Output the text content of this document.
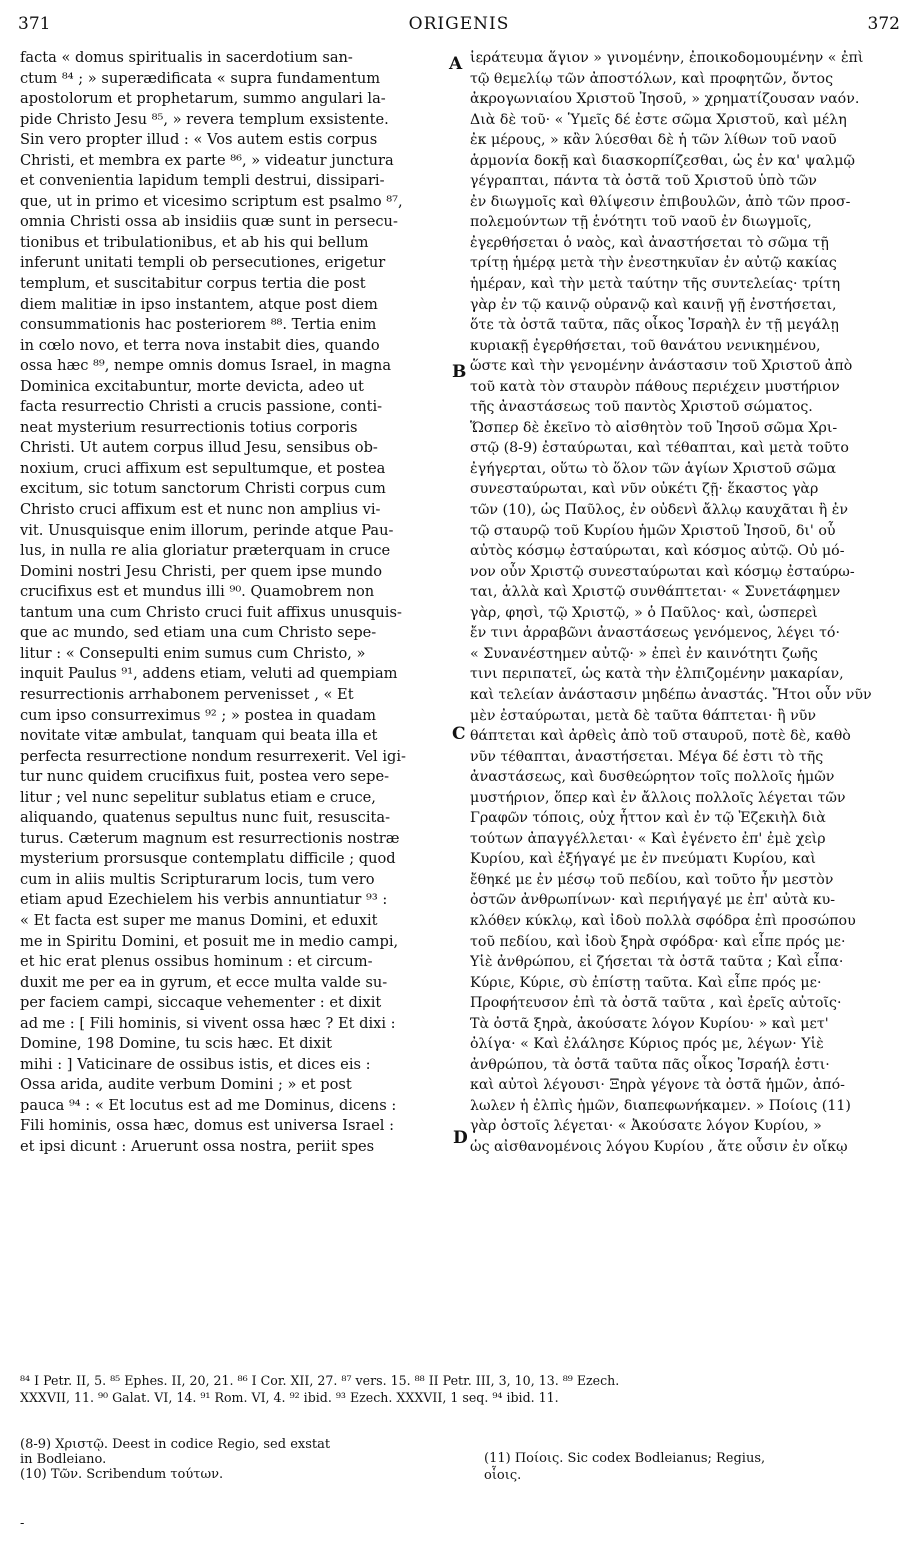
371	ORIGENIS	372
facta « domus spiritualis in sacerdotium san-
ctum ⁸⁴ ; » superædificata « supra fundamentum
apostolorum et prophetarum, summo angulari la-
pide Christo Jesu ⁸⁵, » revera templum exsistente.
Sin vero propter illud : « Vos autem estis corpus
Christi, et membra ex parte ⁸⁶, » videatur junctura
et convenientia lapidum templi destrui, dissipari-
que, ut in primo et vicesimo scriptum est psalmo ⁸⁷,
omnia Christi ossa ab insidiis quæ sunt in persecu-
tionibus et tribulationibus, et ab his qui bellum
inferunt unitati templi ob persecutiones, erigetur
templum, et suscitabitur corpus tertia die post
diem malitiæ in ipso instantem, atque post diem
consummationis hac posteriorem ⁸⁸. Tertia enim
in cœlo novo, et terra nova instabit dies, quando
ossa hæc ⁸⁹, nempe omnis domus Israel, in magna
Dominica excitabuntur, morte devicta, adeo ut
facta resurrectio Christi a crucis passione, conti-
neat mysterium resurrectionis totius corporis
Christi. Ut autem corpus illud Jesu, sensibus ob-
noxium, cruci affixum est sepultumque, et postea
excitum, sic totum sanctorum Christi corpus cum
Christo cruci affixum est et nunc non amplius vi-
vit. Unusquisque enim illorum, perinde atque Pau-
lus, in nulla re alia gloriatur præterquam in cruce
Domini nostri Jesu Christi, per quem ipse mundo
crucifixus est et mundus illi ⁹⁰. Quamobrem non
tantum una cum Christo cruci fuit affixus unusquis-
que ac mundo, sed etiam una cum Christo sepe-
litur : « Consepulti enim sumus cum Christo, »
inquit Paulus ⁹¹, addens etiam, veluti ad quempiam
resurrectionis arrhabonem pervenisset , « Et
cum ipso consurreximus ⁹² ; » postea in quadam
novitate vitæ ambulat, tanquam qui beata illa et
perfecta resurrectione nondum resurrexerit. Vel igi-
tur nunc quidem crucifixus fuit, postea vero sepe-
litur ; vel nunc sepelitur sublatus etiam e cruce,
aliquando, quatenus sepultus nunc fuit, resuscita-
turus. Cæterum magnum est resurrectionis nostræ
mysterium prorsusque contemplatu difficile ; quod
cum in aliis multis Scripturarum locis, tum vero
etiam apud Ezechielem his verbis annuntiatur ⁹³ :
« Et facta est super me manus Domini, et eduxit
me in Spiritu Domini, et posuit me in medio campi,
et hic erat plenus ossibus hominum : et circum-
duxit me per ea in gyrum, et ecce multa valde su-
per faciem campi, siccaque vehementer : et dixit
ad me : [ Fili hominis, si vivent ossa hæc ? Et dixi :
Domine, 198 Domine, tu scis hæc. Et dixit
mihi : ] Vaticinare de ossibus istis, et dices eis :
Ossa arida, audite verbum Domini ; » et post
pauca ⁹⁴ : « Et locutus est ad me Dominus, dicens :
Fili hominis, ossa hæc, domus est universa Israel :
et ipsi dicunt : Aruerunt ossa nostra, periit spes
ἱεράτευμα ἅγιον » γινομένην, ἐποικοδομουμένην « ἐπὶ
τῷ θεμελίῳ τῶν ἀποστόλων, καὶ προφητῶν, ὄντος
ἀκρογωνιαίου Χριστοῦ Ἰησοῦ, » χρηματίζουσαν ναόν.
Διὰ δὲ τοῦ· « Ὑμεῖς δέ ἐστε σῶμα Χριστοῦ, καὶ μέλη
ἐκ μέρους, » κἂν λύεσθαι δὲ ἡ τῶν λίθων τοῦ ναοῦ
ἁρμονία δοκῇ καὶ διασκορπίζεσθαι, ὡς ἐν κα' ψαλμῷ
γέγραπται, πάντα τὰ ὀστᾶ τοῦ Χριστοῦ ὑπὸ τῶν
ἐν διωγμοῖς καὶ θλίψεσιν ἐπιβουλῶν, ἀπὸ τῶν προσ-
πολεμούντων τῇ ἑνότητι τοῦ ναοῦ ἐν διωγμοῖς,
ἐγερθήσεται ὁ ναὸς, καὶ ἀναστήσεται τὸ σῶμα τῇ
τρίτῃ ἡμέρᾳ μετὰ τὴν ἐνεστηκυῖαν ἐν αὐτῷ κακίας
ἡμέραν, καὶ τὴν μετὰ ταύτην τῆς συντελείας· τρίτη
γὰρ ἐν τῷ καινῷ οὐρανῷ καὶ καινῇ γῇ ἐνστήσεται,
ὅτε τὰ ὀστᾶ ταῦτα, πᾶς οἶκος Ἰσραὴλ ἐν τῇ μεγάλῃ
κυριακῇ ἐγερθήσεται, τοῦ θανάτου νενικημένου,
ὥστε καὶ τὴν γενομένην ἀνάστασιν τοῦ Χριστοῦ ἀπὸ
τοῦ κατὰ τὸν σταυρὸν πάθους περιέχειν μυστήριον
τῆς ἀναστάσεως τοῦ παντὸς Χριστοῦ σώματος.
Ὥσπερ δὲ ἐκεῖνο τὸ αἰσθητὸν τοῦ Ἰησοῦ σῶμα Χρι-
στῷ (8-9) ἐσταύρωται, καὶ τέθαπται, καὶ μετὰ τοῦτο
ἐγήγερται, οὕτω τὸ ὅλον τῶν ἁγίων Χριστοῦ σῶμα
συνεσταύρωται, καὶ νῦν οὐκέτι ζῇ· ἕκαστος γὰρ
τῶν (10), ὡς Παῦλος, ἐν οὐδενὶ ἄλλῳ καυχᾶται ἢ ἐν
τῷ σταυρῷ τοῦ Κυρίου ἡμῶν Χριστοῦ Ἰησοῦ, δι' οὗ
αὐτὸς κόσμῳ ἐσταύρωται, καὶ κόσμος αὐτῷ. Οὐ μό-
νον οὖν Χριστῷ συνεσταύρωται καὶ κόσμῳ ἐσταύρω-
ται, ἀλλὰ καὶ Χριστῷ συνθάπτεται· « Συνετάφημεν
γὰρ, φησὶ, τῷ Χριστῷ, » ὁ Παῦλος· καὶ, ὡσπερεὶ
ἔν τινι ἀρραβῶνι ἀναστάσεως γενόμενος, λέγει τό·
« Συνανέστημεν αὐτῷ· » ἐπεὶ ἐν καινότητι ζωῆς
τινι περιπατεῖ, ὡς κατὰ τὴν ἐλπιζομένην μακαρίαν,
καὶ τελείαν ἀνάστασιν μηδέπω ἀναστάς. Ἤτοι οὖν νῦν
μὲν ἐσταύρωται, μετὰ δὲ ταῦτα θάπτεται· ἢ νῦν
θάπτεται καὶ ἀρθεὶς ἀπὸ τοῦ σταυροῦ, ποτὲ δὲ, καθὸ
νῦν τέθαπται, ἀναστήσεται. Μέγα δέ ἐστι τὸ τῆς
ἀναστάσεως, καὶ δυσθεώρητον τοῖς πολλοῖς ἡμῶν
μυστήριον, ὅπερ καὶ ἐν ἄλλοις πολλοῖς λέγεται τῶν
Γραφῶν τόποις, οὐχ ἧττον καὶ ἐν τῷ Ἐζεκιὴλ διὰ
τούτων ἀπαγγέλλεται· « Καὶ ἐγένετο ἐπ' ἐμὲ χεὶρ
Κυρίου, καὶ ἐξήγαγέ με ἐν πνεύματι Κυρίου, καὶ
ἔθηκέ με ἐν μέσῳ τοῦ πεδίου, καὶ τοῦτο ἦν μεστὸν
ὀστῶν ἀνθρωπίνων· καὶ περιήγαγέ με ἐπ' αὐτὰ κυ-
κλόθεν κύκλῳ, καὶ ἰδοὺ πολλὰ σφόδρα ἐπὶ προσώπου
τοῦ πεδίου, καὶ ἰδοὺ ξηρὰ σφόδρα· καὶ εἶπε πρός με·
Υἱὲ ἀνθρώπου, εἰ ζήσεται τὰ ὀστᾶ ταῦτα ; Καὶ εἶπα·
Κύριε, Κύριε, σὺ ἐπίστῃ ταῦτα. Καὶ εἶπε πρός με·
Προφήτευσον ἐπὶ τὰ ὀστᾶ ταῦτα , καὶ ἐρεῖς αὐτοῖς·
Τὰ ὀστᾶ ξηρὰ, ἀκούσατε λόγον Κυρίου· » καὶ μετ'
ὀλίγα· « Καὶ ἐλάλησε Κύριος πρός με, λέγων· Υἱὲ
ἀνθρώπου, τὰ ὀστᾶ ταῦτα πᾶς οἶκος Ἰσραήλ ἐστι·
καὶ αὐτοὶ λέγουσι· Ξηρὰ γέγονε τὰ ὀστᾶ ἡμῶν, ἀπό-
λωλεν ἡ ἐλπὶς ἡμῶν, διαπεφωνήκαμεν. » Ποίοις (11)
γὰρ ὀστοῖς λέγεται· « Ἀκούσατε λόγον Κυρίου, »
ὡς αἰσθανομένοις λόγου Κυρίου , ἅτε οὖσιν ἐν οἴκῳ
A
B
C
D
⁸⁴ I Petr. II, 5. ⁸⁵ Ephes. II, 20, 21. ⁸⁶ I Cor. XII, 27. ⁸⁷ vers. 15. ⁸⁸ II Petr. III, 3, 10, 13. ⁸⁹ Ezech.
XXXVII, 11. ⁹⁰ Galat. VI, 14. ⁹¹ Rom. VI, 4. ⁹² ibid. ⁹³ Ezech. XXXVII, 1 seq. ⁹⁴ ibid. 11.
(8-9) Χριστῷ. Deest in codice Regio, sed exstat
in Bodleiano.
(10) Τῶν. Scribendum τούτων.
(11) Ποίοις. Sic codex Bodleianus; Regius,
οἷοις.
-
